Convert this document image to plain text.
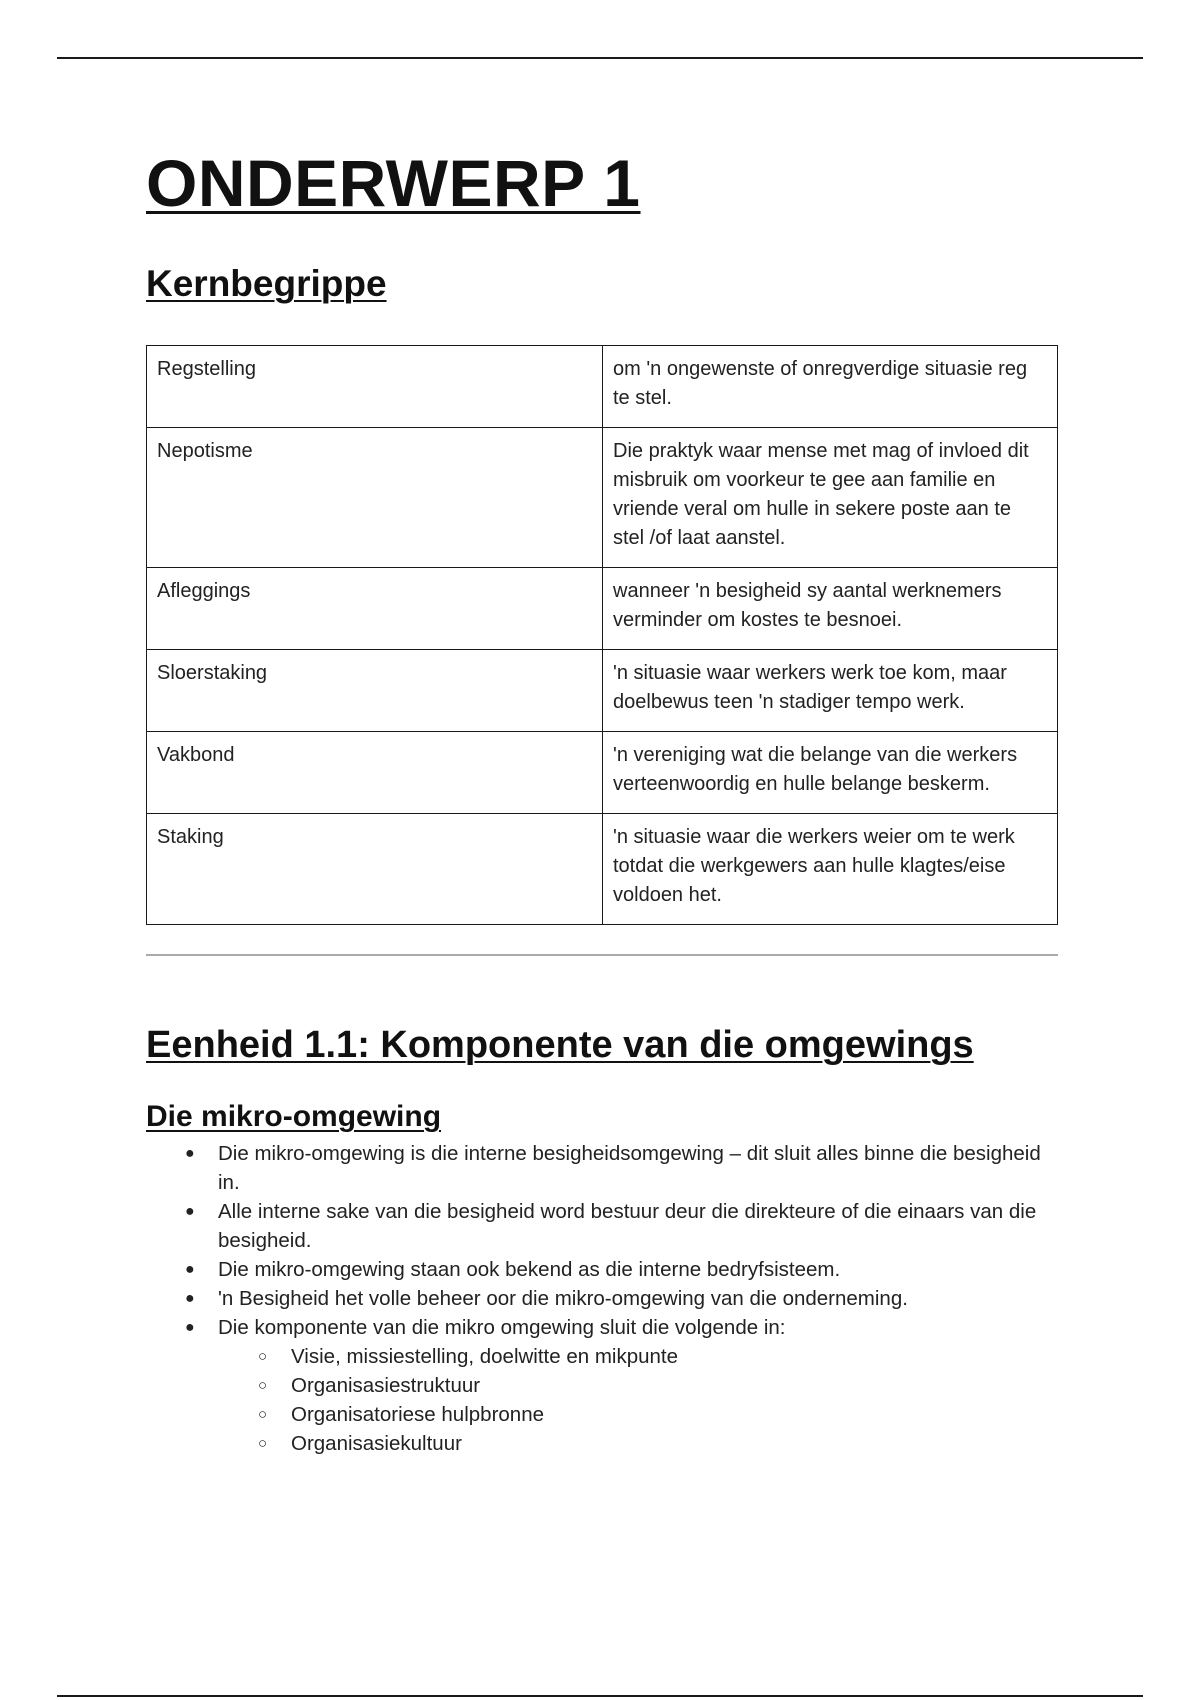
ONDERWERP 1
Kernbegrippe
Regstelling	om 'n ongewenste of onregverdige situasie reg te stel.
Nepotisme	Die praktyk waar mense met mag of invloed dit misbruik om voorkeur te gee aan familie en vriende veral om hulle in sekere poste aan te stel /of laat aanstel.
Afleggings	wanneer 'n besigheid sy aantal werknemers verminder om kostes te besnoei.
Sloerstaking	'n situasie waar werkers werk toe kom, maar doelbewus teen 'n stadiger tempo werk.
Vakbond	'n vereniging wat die belange van die werkers verteenwoordig en hulle belange beskerm.
Staking	'n situasie waar die werkers weier om te werk totdat die werkgewers aan hulle klagtes/eise voldoen het.
Eenheid 1.1: Komponente van die omgewings
Die mikro-omgewing
● Die mikro-omgewing is die interne besigheidsomgewing – dit sluit alles binne die besigheid in.
● Alle interne sake van die besigheid word bestuur deur die direkteure of die einaars van die besigheid.
● Die mikro-omgewing staan ook bekend as die interne bedryfsisteem.
● 'n Besigheid het volle beheer oor die mikro-omgewing van die onderneming.
● Die komponente van die mikro omgewing sluit die volgende in:
○ Visie, missiestelling, doelwitte en mikpunte
○ Organisasiestruktuur
○ Organisatoriese hulpbronne
○ Organisasiekultuur
